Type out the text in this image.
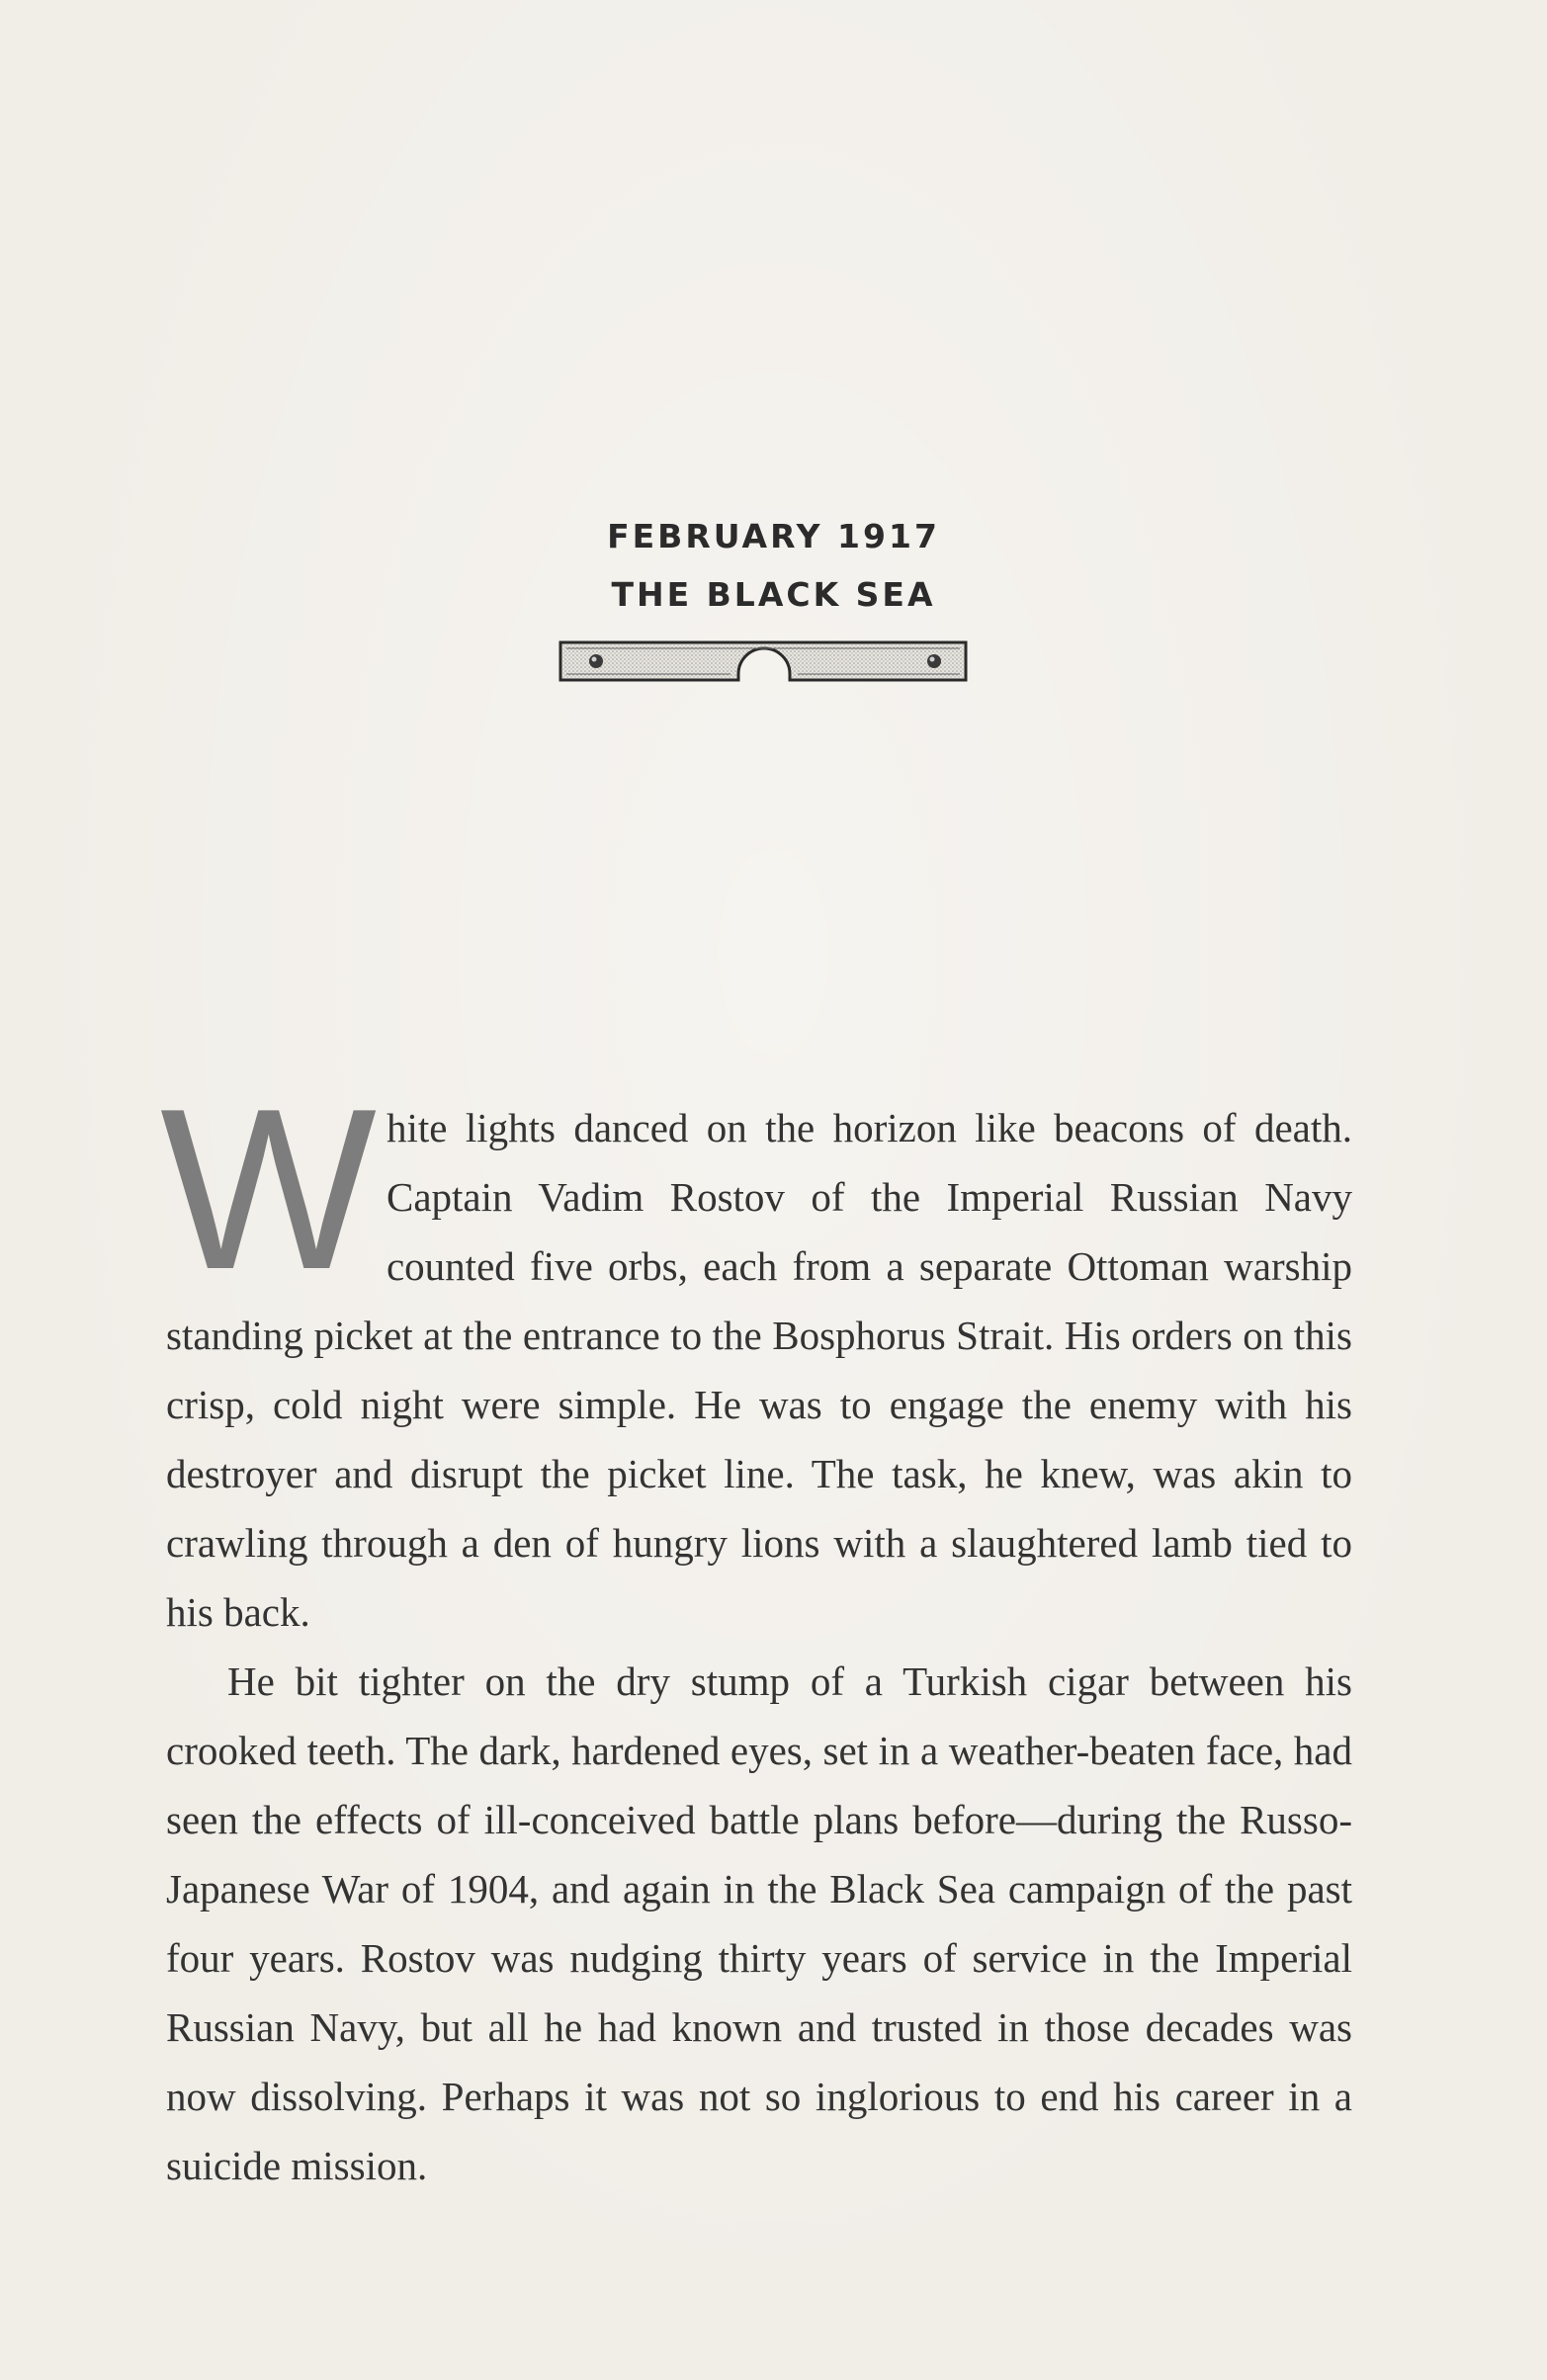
FEBRUARY 1917
THE BLACK SEA

White lights danced on the horizon like beacons of death. Captain Vadim Rostov of the Imperial Russian Navy counted five orbs, each from a separate Ottoman warship standing picket at the entrance to the Bosphorus Strait. His orders on this crisp, cold night were simple. He was to engage the enemy with his destroyer and disrupt the picket line. The task, he knew, was akin to crawling through a den of hungry lions with a slaughtered lamb tied to his back.

He bit tighter on the dry stump of a Turkish cigar between his crooked teeth. The dark, hardened eyes, set in a weather-beaten face, had seen the effects of ill-conceived battle plans before—during the Russo-Japanese War of 1904, and again in the Black Sea campaign of the past four years. Rostov was nudging thirty years of service in the Imperial Russian Navy, but all he had known and trusted in those decades was now dissolving. Perhaps it was not so inglorious to end his career in a suicide mission.
